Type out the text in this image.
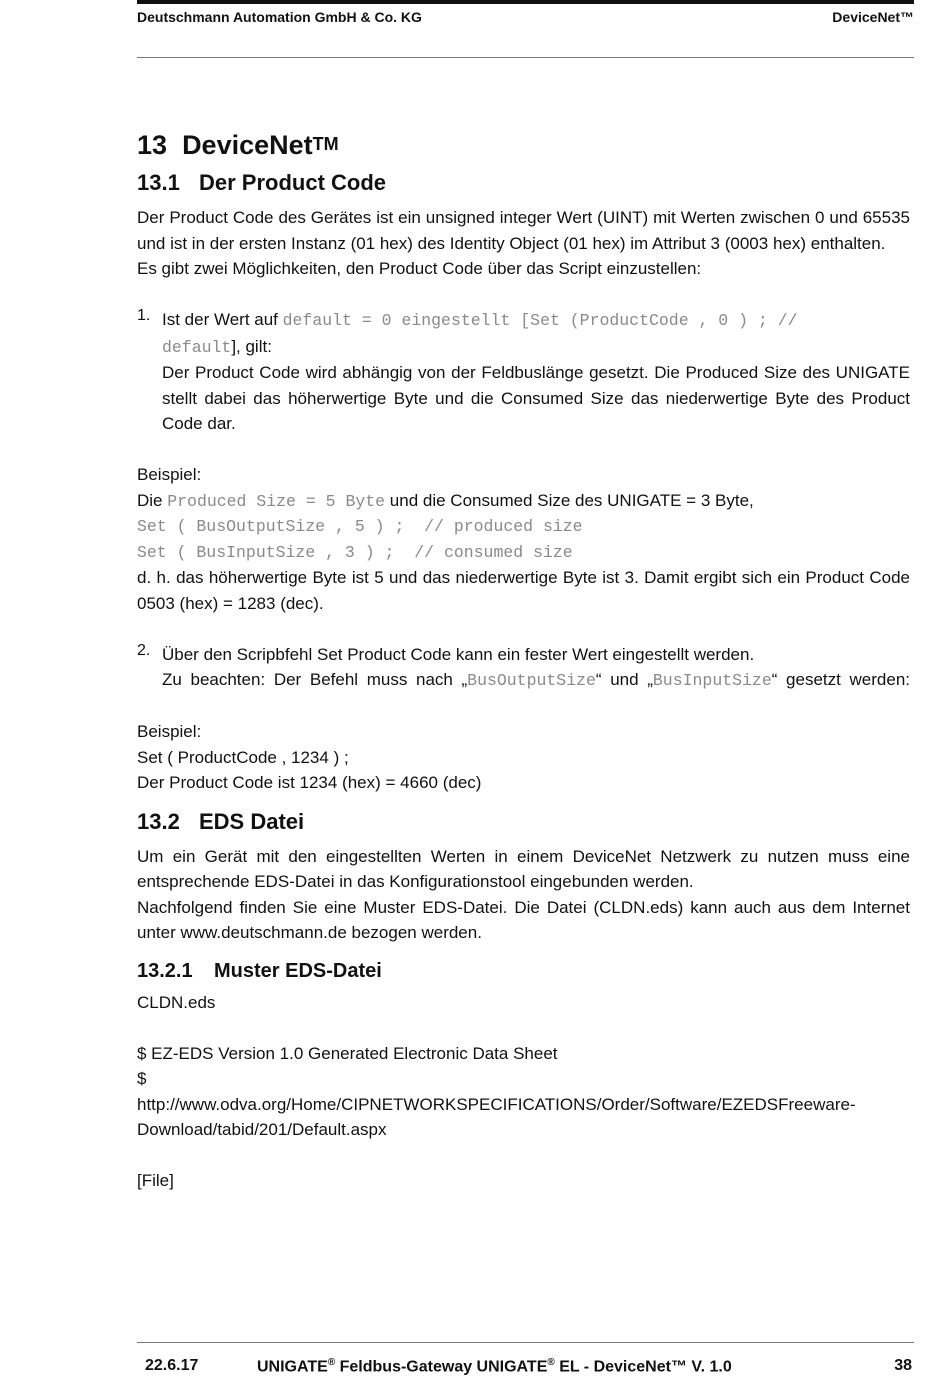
Deutschmann Automation GmbH & Co. KG	DeviceNet™
13 DeviceNetTM
13.1 Der Product Code

Der Product Code des Gerätes ist ein unsigned integer Wert (UINT) mit Werten zwischen 0 und 65535 und ist in der ersten Instanz (01 hex) des Identity Object (01 hex) im Attribut 3 (0003 hex) enthalten.

Es gibt zwei Möglichkeiten, den Product Code über das Script einzustellen:

1. Ist der Wert auf default = 0 eingestellt [Set (ProductCode , 0 ) ; //

default], gilt:

Der Product Code wird abhängig von der Feldbuslänge gesetzt. Die Produced Size des UNIGATE stellt dabei das höherwertige Byte und die Consumed Size das niederwertige Byte des Product Code dar.

Beispiel:

Die Produced Size = 5 Byte und die Consumed Size des UNIGATE = 3 Byte,

Set ( BusOutputSize , 5 ) ;  // produced size

Set ( BusInputSize , 3 ) ;  // consumed size

d. h. das höherwertige Byte ist 5 und das niederwertige Byte ist 3. Damit ergibt sich ein Product Code 0503 (hex) = 1283 (dec).

2. Über den Scripbfehl Set Product Code kann ein fester Wert eingestellt werden.

Zu beachten: Der Befehl muss nach „BusOutputSize“ und „BusInputSize“ gesetzt werden:

Beispiel:

Set ( ProductCode , 1234 ) ;

Der Product Code ist 1234 (hex) = 4660 (dec)

13.2 EDS Datei

Um ein Gerät mit den eingestellten Werten in einem DeviceNet Netzwerk zu nutzen muss eine entsprechende EDS-Datei in das Konfigurationstool eingebunden werden.

Nachfolgend finden Sie eine Muster EDS-Datei. Die Datei (CLDN.eds) kann auch aus dem Internet unter www.deutschmann.de bezogen werden.

13.2.1 Muster EDS-Datei

CLDN.eds

$ EZ-EDS Version 1.0 Generated Electronic Data Sheet

$

http://www.odva.org/Home/CIPNETWORKSPECIFICATIONS/Order/Software/EZEDSFreeware-

Download/tabid/201/Default.aspx

[File]

22.6.17	UNIGATE® Feldbus-Gateway UNIGATE® EL - DeviceNet™ V. 1.0	38
